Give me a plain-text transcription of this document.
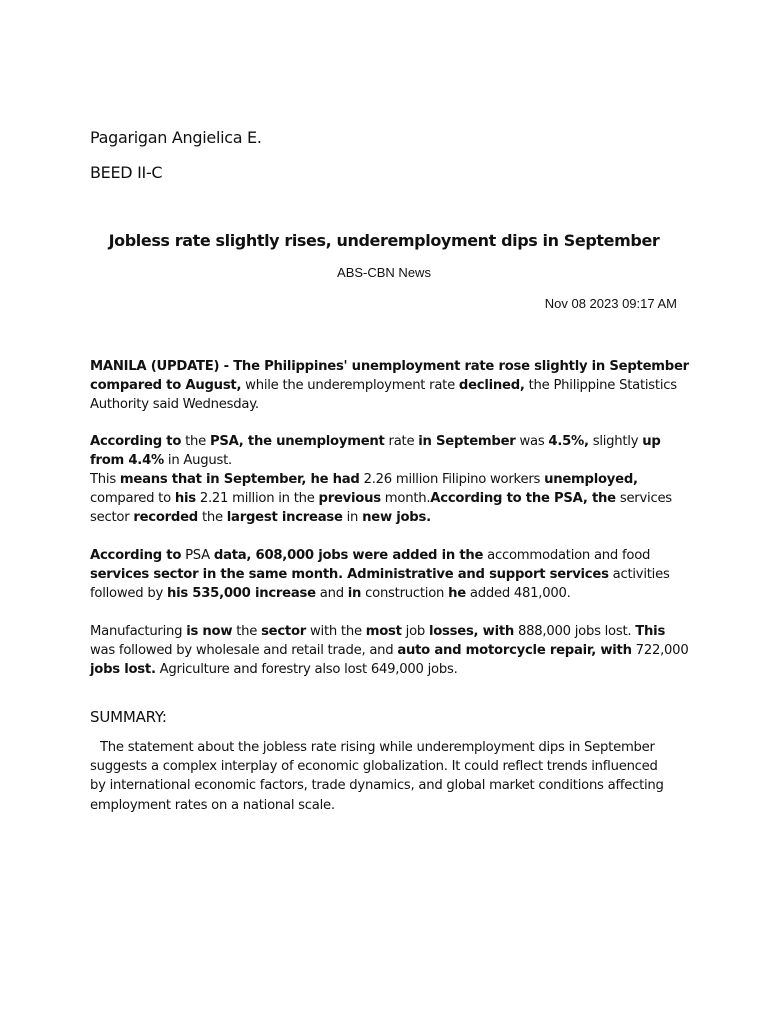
Pagarigan Angielica E.

BEED II-C

Jobless rate slightly rises, underemployment dips in September

ABS-CBN News

Nov 08 2023 09:17 AM

MANILA (UPDATE) - The Philippines' unemployment rate rose slightly in September compared to August, while the underemployment rate declined, the Philippine Statistics Authority said Wednesday.

According to the PSA, the unemployment rate in September was 4.5%, slightly up from 4.4% in August.
This means that in September, he had 2.26 million Filipino workers unemployed, compared to his 2.21 million in the previous month.According to the PSA, the services sector recorded the largest increase in new jobs.

According to PSA data, 608,000 jobs were added in the accommodation and food services sector in the same month. Administrative and support services activities followed by his 535,000 increase and in construction he added 481,000.

Manufacturing is now the sector with the most job losses, with 888,000 jobs lost. This was followed by wholesale and retail trade, and auto and motorcycle repair, with 722,000 jobs lost. Agriculture and forestry also lost 649,000 jobs.

SUMMARY:

The statement about the jobless rate rising while underemployment dips in September suggests a complex interplay of economic globalization. It could reflect trends influenced by international economic factors, trade dynamics, and global market conditions affecting employment rates on a national scale.
